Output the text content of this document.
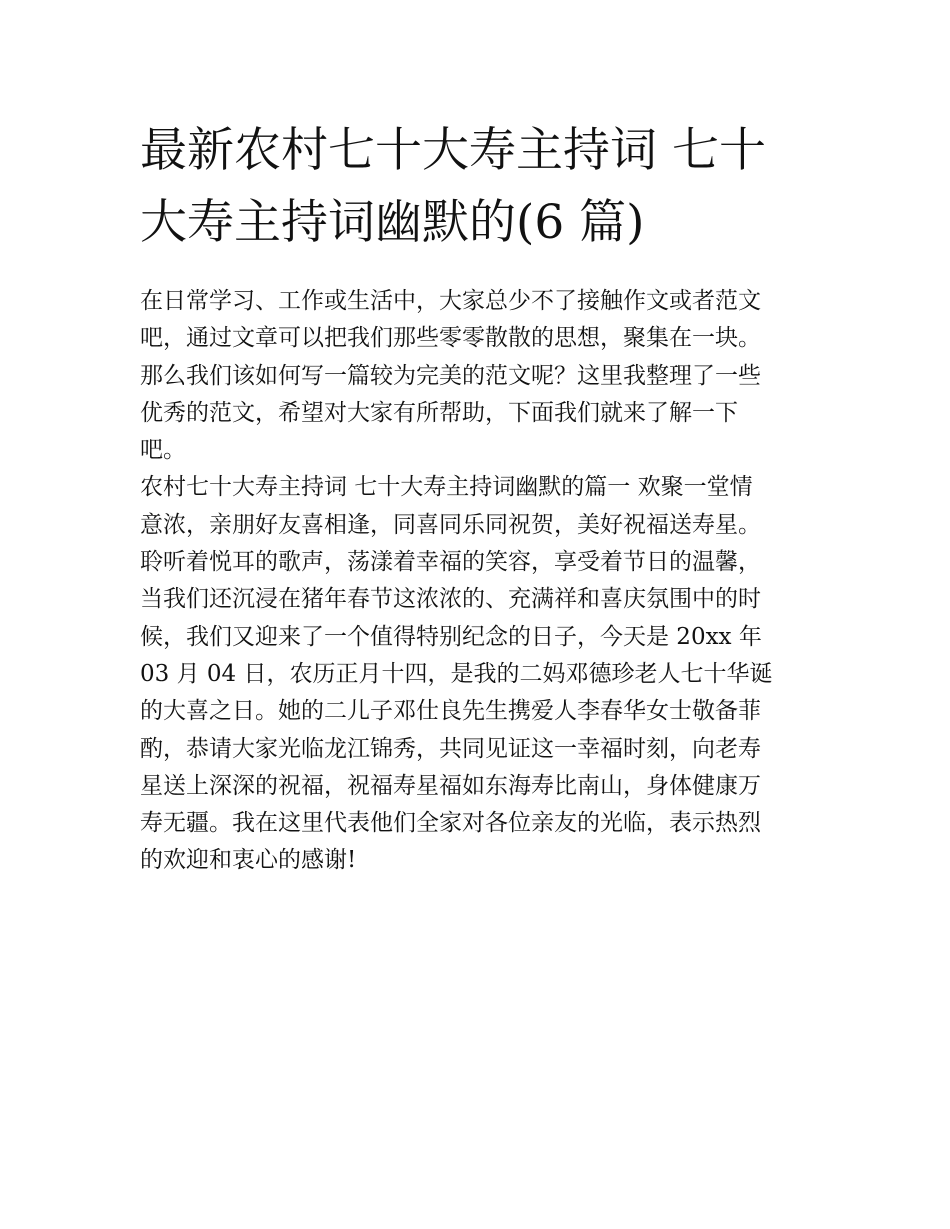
最新农村七十大寿主持词 七十
大寿主持词幽默的(6 篇)

在日常学习、工作或生活中，大家总少不了接触作文或者范文
吧，通过文章可以把我们那些零零散散的思想，聚集在一块。
那么我们该如何写一篇较为完美的范文呢？这里我整理了一些
优秀的范文，希望对大家有所帮助，下面我们就来了解一下
吧。

农村七十大寿主持词 七十大寿主持词幽默的篇一 欢聚一堂情
意浓，亲朋好友喜相逢，同喜同乐同祝贺，美好祝福送寿星。
聆听着悦耳的歌声，荡漾着幸福的笑容，享受着节日的温馨，
当我们还沉浸在猪年春节这浓浓的、充满祥和喜庆氛围中的时
候，我们又迎来了一个值得特别纪念的日子，今天是 20xx 年
03 月 04 日，农历正月十四，是我的二妈邓德珍老人七十华诞
的大喜之日。她的二儿子邓仕良先生携爱人李春华女士敬备菲
酌，恭请大家光临龙江锦秀，共同见证这一幸福时刻，向老寿
星送上深深的祝福，祝福寿星福如东海寿比南山，身体健康万
寿无疆。我在这里代表他们全家对各位亲友的光临，表示热烈
的欢迎和衷心的感谢!
